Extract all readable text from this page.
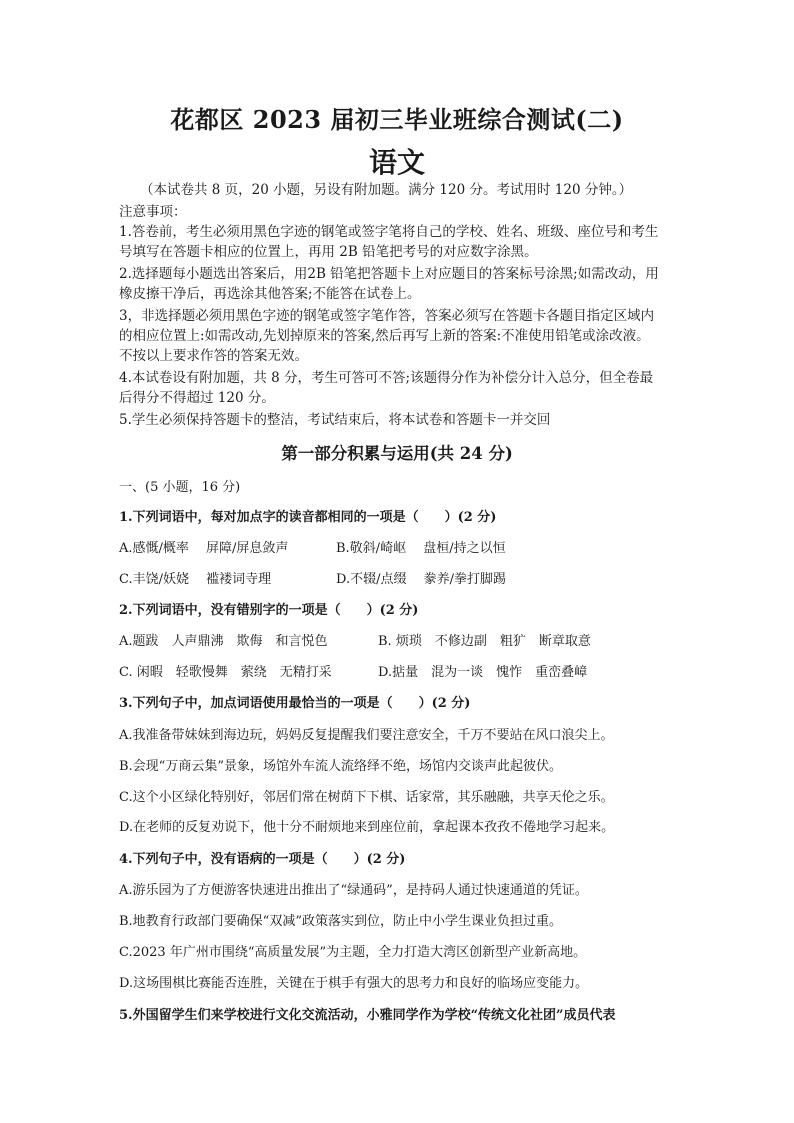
花都区 2023 届初三毕业班综合测试(二)
语文
（本试卷共 8 页，20 小题，另设有附加题。满分 120 分。考试用时 120 分钟。）
注意事项：
1.答卷前，考生必须用黑色字迹的钢笔或签字笔将自己的学校、姓名、班级、座位号和考生
号填写在答题卡相应的位置上，再用 2B 铅笔把考号的对应数字涂黑。
2.选择题每小题选出答案后，用2B 铅笔把答题卡上对应题目的答案标号涂黑;如需改动，用
橡皮擦干净后，再选涂其他答案;不能答在试卷上。
3，非选择题必须用黑色字迹的钢笔或签字笔作答，答案必须写在答题卡各题目指定区域内
的相应位置上:如需改动,先划掉原来的答案,然后再写上新的答案:不准使用铅笔或涂改液。
不按以上要求作答的答案无效。
4.本试卷设有附加题，共 8 分，考生可答可不答;该题得分作为补偿分计入总分，但全卷最
后得分不得超过 120 分。
5.学生必须保持答题卡的整洁，考试结束后，将本试卷和答题卡一并交回
第一部分积累与运用(共 24 分)
一、(5 小题，16 分)
1.下列词语中，每对加点字的读音都相同的一项是（　　）(2 分)
A.感慨/概率　 屏障/屏息敛声	B.敬斜/崎岖　 盘桓/持之以恒
C.丰饶/妖娆　 褴褛词寺理	D.不辍/点缀　 豢养/拳打脚踢
2.下列词语中，没有错别字的一项是（　　）(2 分)
A.题跋　人声鼎沸　欺侮　和言悦色	B. 烦琐　不修边副　粗犷　断章取意
C. 闲暇　轻歌慢舞　萦绕　无精打采	D.掂量　混为一谈　愧怍　重峦叠嶂
3.下列句子中，加点词语使用最恰当的一项是（　　）(2 分)
A.我准备带妹妹到海边玩，妈妈反复提醒我们要注意安全，千万不要站在风口浪尖上。
B.会现“万商云集”景象，场馆外车流人流络绎不绝，场馆内交谈声此起彼伏。
C.这个小区绿化特别好，邻居们常在树荫下下棋、话家常，其乐融融，共享天伦之乐。
D.在老师的反复劝说下，他十分不耐烦地来到座位前，拿起课本孜孜不倦地学习起来。
4.下列句子中，没有语病的一项是（　　）(2 分)
A.游乐园为了方便游客快速进出推出了“绿通码”，是持码人通过快速通道的凭证。
B.地教育行政部门要确保“双减”政策落实到位，防止中小学生课业负担过重。
C.2023 年广州市围绕“高质量发展”为主题，全力打造大湾区创新型产业新高地。
D.这场围棋比赛能否连胜，关键在于棋手有强大的思考力和良好的临场应变能力。
5.外国留学生们来学校进行文化交流活动，小雅同学作为学校“传统文化社团”成员代表
